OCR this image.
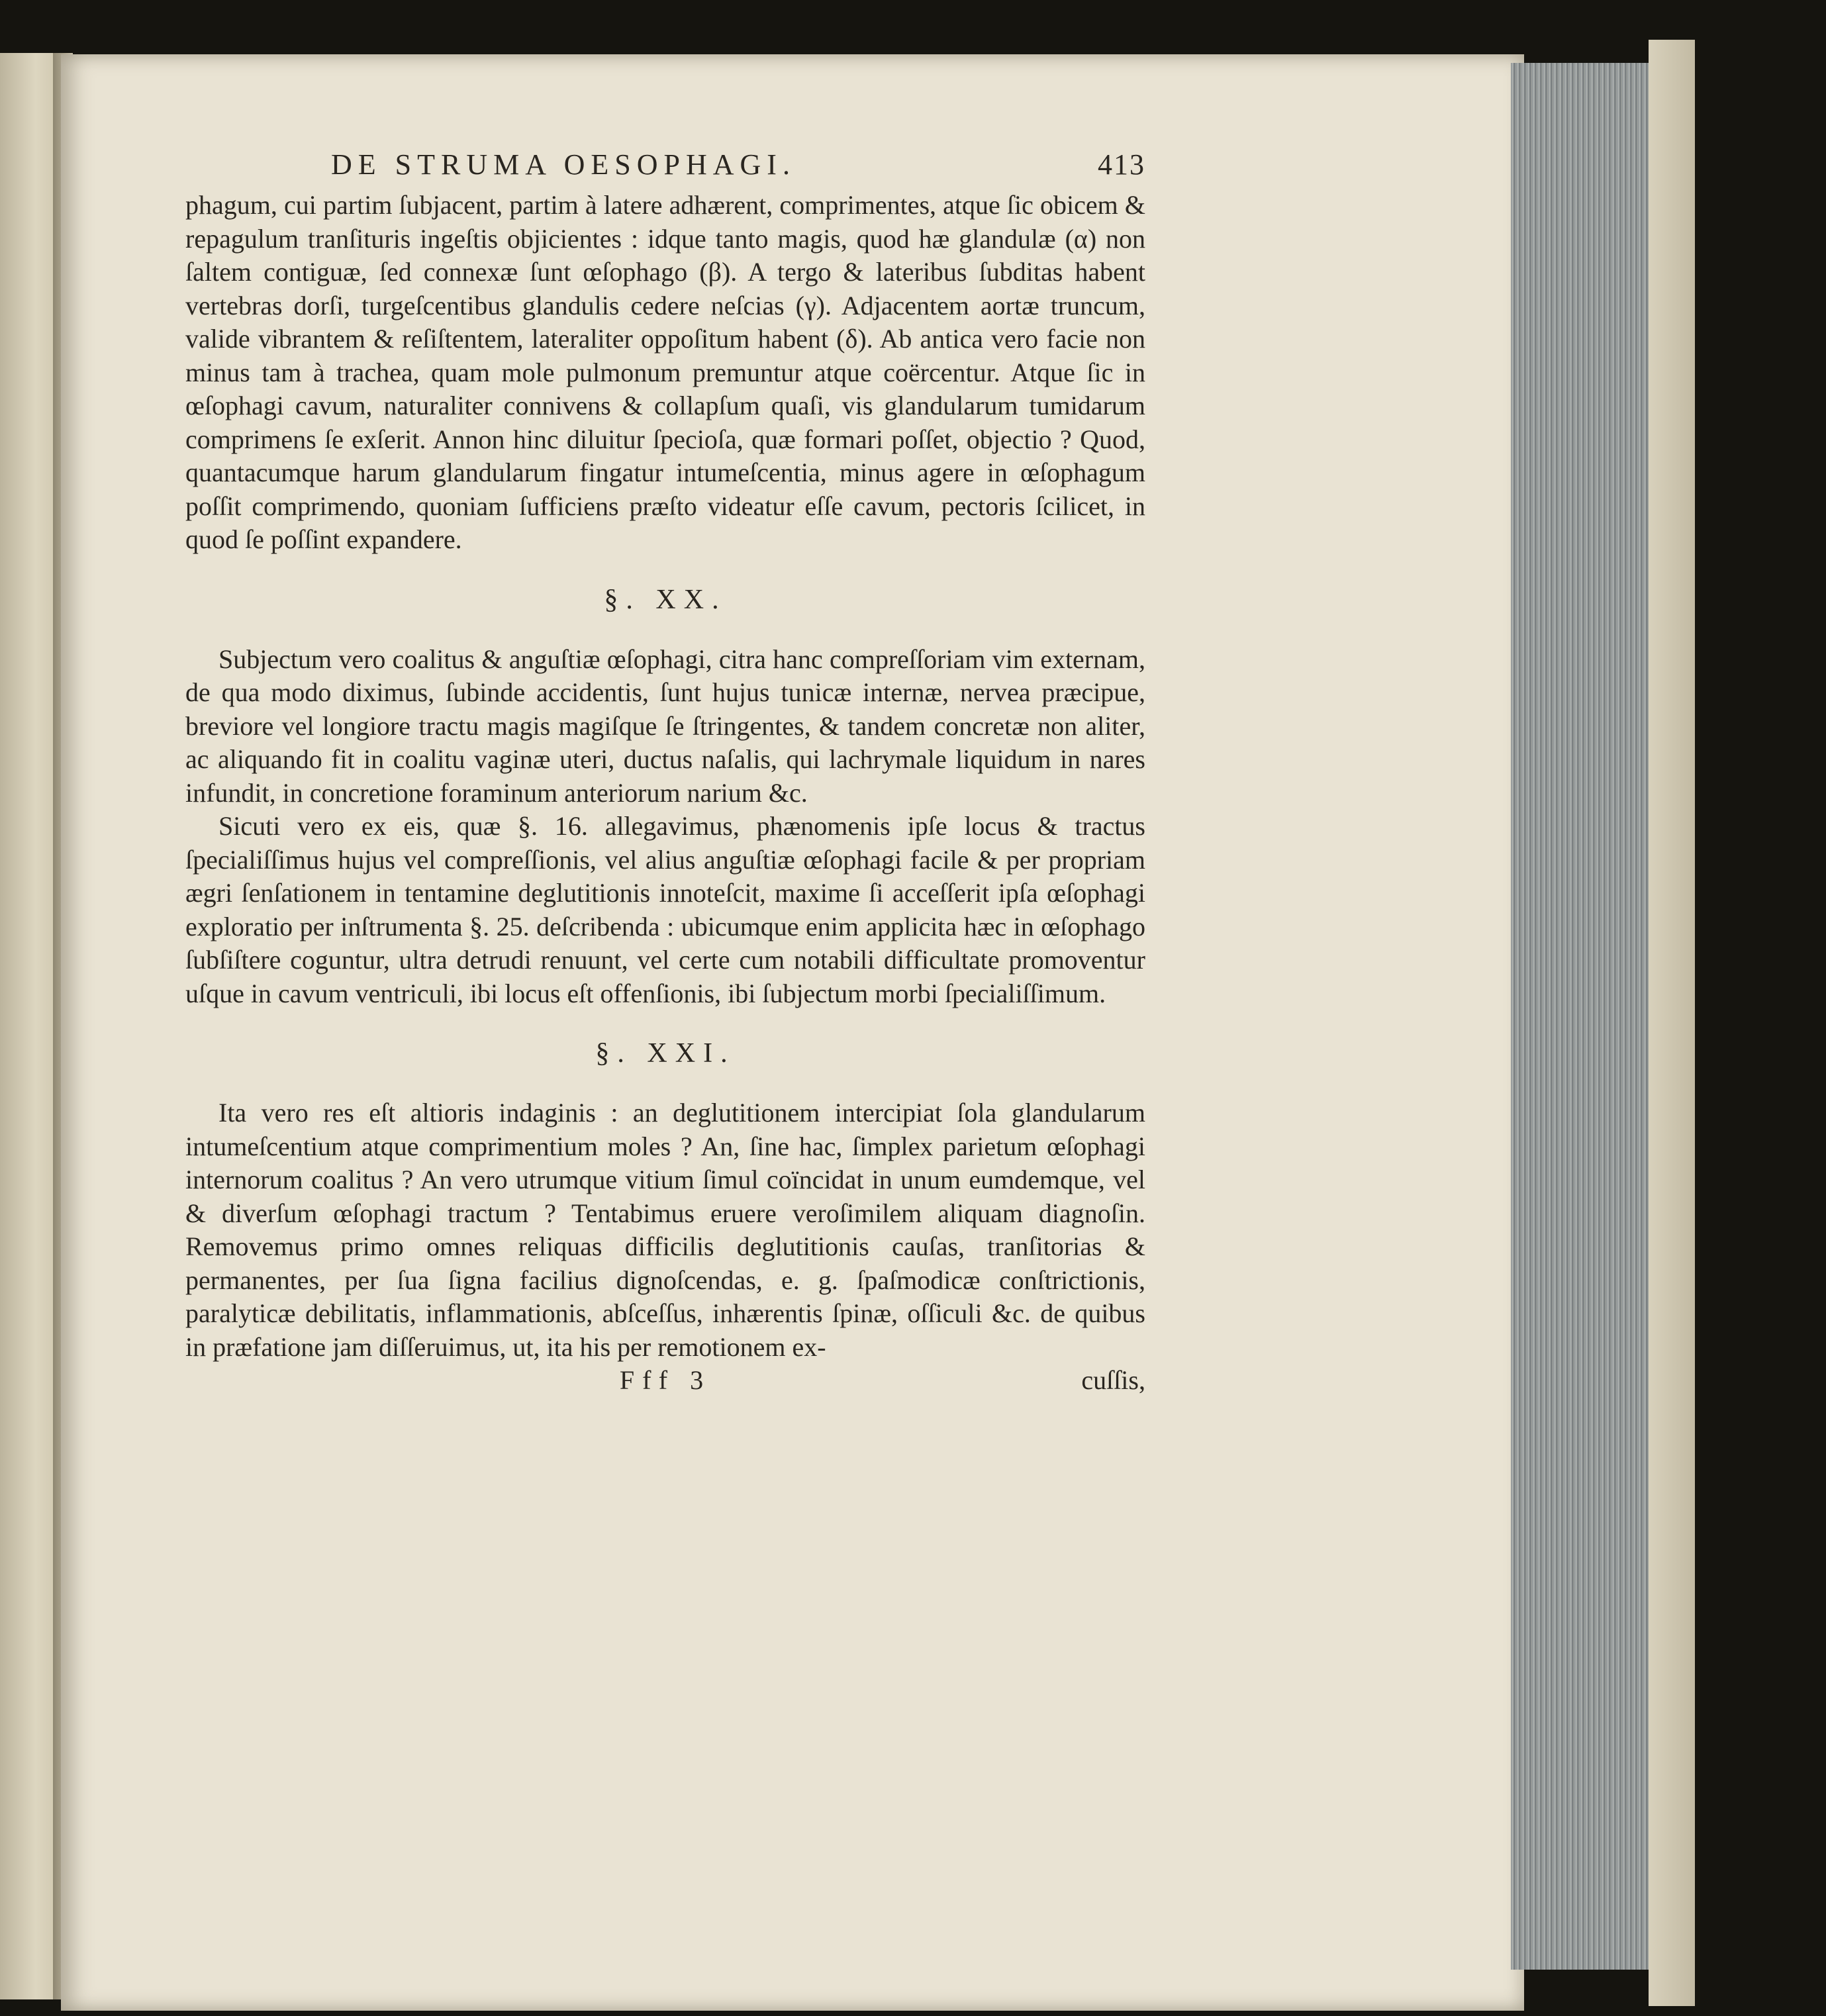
DE STRUMA OESOPHAGI.	413

phagum, cui partim ſubjacent, partim à latere adhærent, comprimentes, atque ſic obicem & repagulum tranſituris ingeſtis objicientes : idque tanto magis, quod hæ glandulæ (α) non ſaltem contiguæ, ſed connexæ ſunt œſophago (β). A tergo & lateribus ſubditas habent vertebras dorſi, turgeſcentibus glandulis cedere neſcias (γ). Adjacentem aortæ truncum, valide vibrantem & reſiſtentem, lateraliter oppoſitum habent (δ). Ab antica vero facie non minus tam à trachea, quam mole pulmonum premuntur atque coërcentur. Atque ſic in œſophagi cavum, naturaliter connivens & collapſum quaſi, vis glandularum tumidarum comprimens ſe exſerit. Annon hinc diluitur ſpecioſa, quæ formari poſſet, objectio ? Quod, quantacumque harum glandularum fingatur intumeſcentia, minus agere in œſophagum poſſit comprimendo, quoniam ſufficiens præſto videatur eſſe cavum, pectoris ſcilicet, in quod ſe poſſint expandere.

§. XX.

Subjectum vero coalitus & anguſtiæ œſophagi, citra hanc compreſſoriam vim externam, de qua modo diximus, ſubinde accidentis, ſunt hujus tunicæ internæ, nervea præcipue, breviore vel longiore tractu magis magiſque ſe ſtringentes, & tandem concretæ non aliter, ac aliquando fit in coalitu vaginæ uteri, ductus naſalis, qui lachrymale liquidum in nares infundit, in concretione foraminum anteriorum narium &c.

Sicuti vero ex eis, quæ §. 16. allegavimus, phænomenis ipſe locus & tractus ſpecialiſſimus hujus vel compreſſionis, vel alius anguſtiæ œſophagi facile & per propriam ægri ſenſationem in tentamine deglutitionis innoteſcit, maxime ſi acceſſerit ipſa œſophagi exploratio per inſtrumenta §. 25. deſcribenda : ubicumque enim applicita hæc in œſophago ſubſiſtere coguntur, ultra detrudi renuunt, vel certe cum notabili difficultate promoventur uſque in cavum ventriculi, ibi locus eſt offenſionis, ibi ſubjectum morbi ſpecialiſſimum.

§. XXI.

Ita vero res eſt altioris indaginis : an deglutitionem intercipiat ſola glandularum intumeſcentium atque comprimentium moles ? An, ſine hac, ſimplex parietum œſophagi internorum coalitus ? An vero utrumque vitium ſimul coïncidat in unum eumdemque, vel & diverſum œſophagi tractum ? Tentabimus eruere veroſimilem aliquam diagnoſin. Removemus primo omnes reliquas difficilis deglutitionis cauſas, tranſitorias & permanentes, per ſua ſigna facilius dignoſcendas, e. g. ſpaſmodicæ conſtrictionis, paralyticæ debilitatis, inflammationis, abſceſſus, inhærentis ſpinæ, oſſiculi &c. de quibus in præfatione jam diſſeruimus, ut, ita his per remotionem ex-

Fff 3	cuſſis,
